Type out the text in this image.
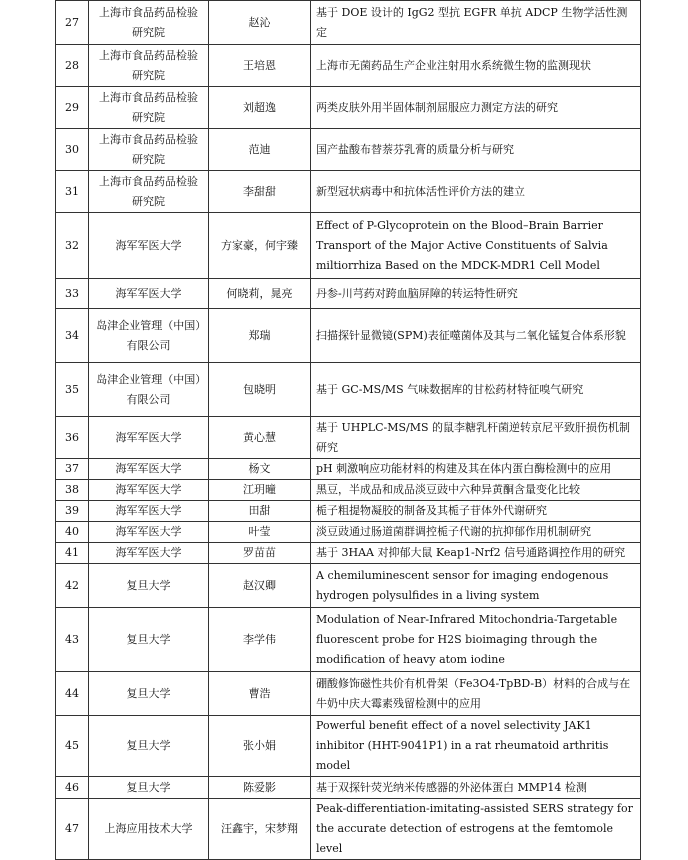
27	上海市食品药品检验研究院	赵沁	基于 DOE 设计的 IgG2 型抗 EGFR 单抗 ADCP 生物学活性测定
28	上海市食品药品检验研究院	王培恩	上海市无菌药品生产企业注射用水系统微生物的监测现状
29	上海市食品药品检验研究院	刘超逸	两类皮肤外用半固体制剂屈服应力测定方法的研究
30	上海市食品药品检验研究院	范迪	国产盐酸布替萘芬乳膏的质量分析与研究
31	上海市食品药品检验研究院	李甜甜	新型冠状病毒中和抗体活性评价方法的建立
32	海军军医大学	方家豪，何宇臻	Effect of P-Glycoprotein on the Blood–Brain Barrier Transport of the Major Active Constituents of Salvia miltiorrhiza Based on the MDCK-MDR1 Cell Model
33	海军军医大学	何晓莉，晁亮	丹参-川芎药对跨血脑屏障的转运特性研究
34	岛津企业管理（中国）有限公司	郑瑞	扫描探针显微镜(SPM)表征噬菌体及其与二氧化锰复合体系形貌
35	岛津企业管理（中国）有限公司	包晓明	基于 GC-MS/MS 气味数据库的甘松药材特征嗅气研究
36	海军军医大学	黄心慧	基于 UHPLC-MS/MS 的鼠李糖乳杆菌逆转京尼平致肝损伤机制研究
37	海军军医大学	杨文	pH 刺激响应功能材料的构建及其在体内蛋白酶检测中的应用
38	海军军医大学	江玥曈	黑豆，半成品和成品淡豆豉中六种异黄酮含量变化比较
39	海军军医大学	田甜	栀子粗提物凝胶的制备及其栀子苷体外代谢研究
40	海军军医大学	叶莹	淡豆豉通过肠道菌群调控栀子代谢的抗抑郁作用机制研究
41	海军军医大学	罗苗苗	基于 3HAA 对抑郁大鼠 Keap1-Nrf2 信号通路调控作用的研究
42	复旦大学	赵汉卿	A chemiluminescent sensor for imaging endogenous hydrogen polysulfides in a living system
43	复旦大学	李学伟	Modulation of Near-Infrared Mitochondria-Targetable fluorescent probe for H2S bioimaging through the modification of heavy atom iodine
44	复旦大学	曹浩	硼酸修饰磁性共价有机骨架（Fe3O4-TpBD-B）材料的合成与在牛奶中庆大霉素残留检测中的应用
45	复旦大学	张小娟	Powerful benefit effect of a novel selectivity JAK1 inhibitor (HHT-9041P1) in a rat rheumatoid arthritis model
46	复旦大学	陈爱影	基于双探针荧光纳米传感器的外泌体蛋白 MMP14 检测
47	上海应用技术大学	汪鑫宇，宋梦翔	Peak-differentiation-imitating-assisted SERS strategy for the accurate detection of estrogens at the femtomole level
